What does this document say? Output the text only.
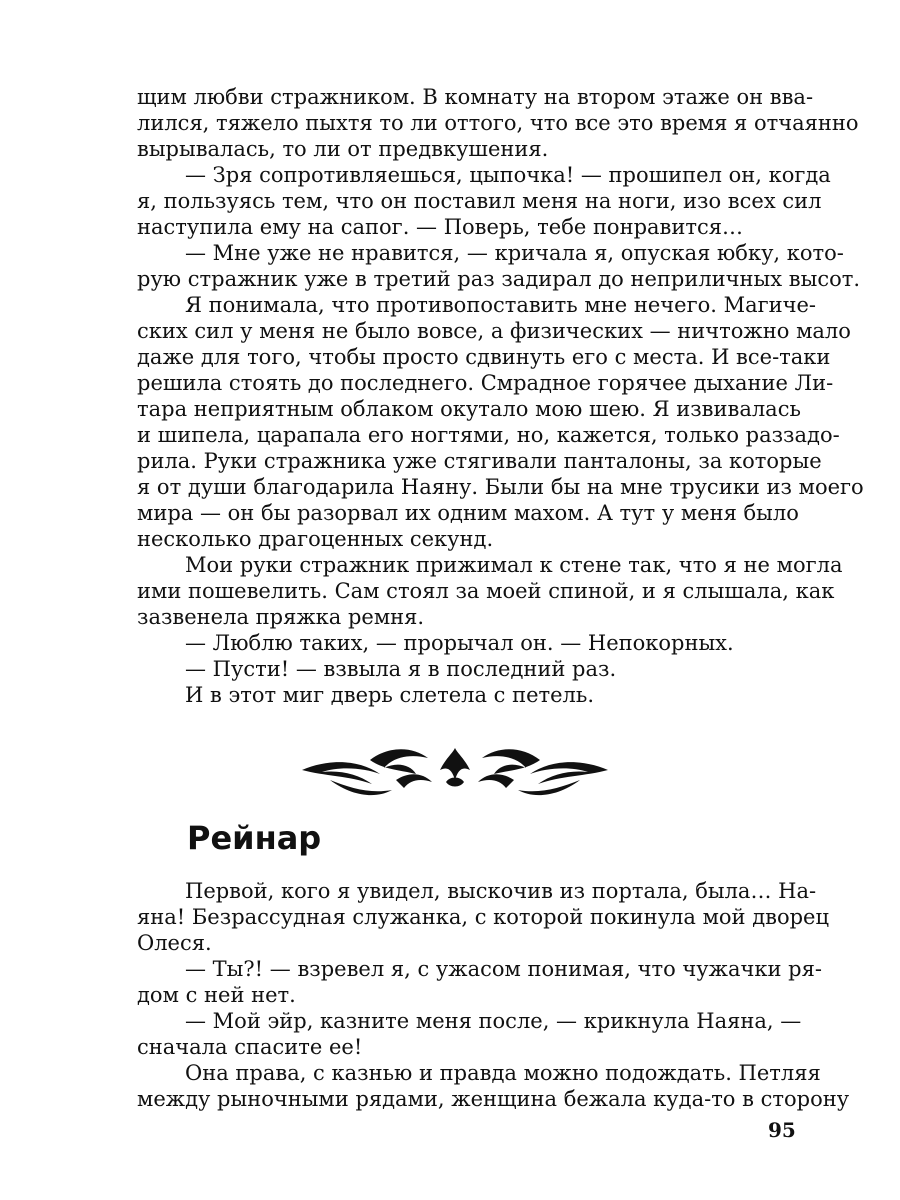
щим любви стражником. В комнату на втором этаже он вва-
лился, тяжело пыхтя то ли оттого, что все это время я отчаянно
вырывалась, то ли от предвкушения.
— Зря сопротивляешься, цыпочка! — прошипел он, когда
я, пользуясь тем, что он поставил меня на ноги, изо всех сил
наступила ему на сапог. — Поверь, тебе понравится…
— Мне уже не нравится, — кричала я, опуская юбку, кото-
рую стражник уже в третий раз задирал до неприличных высот.
Я понимала, что противопоставить мне нечего. Магиче-
ских сил у меня не было вовсе, а физических — ничтожно мало
даже для того, чтобы просто сдвинуть его с места. И все-таки
решила стоять до последнего. Смрадное горячее дыхание Ли-
тара неприятным облаком окутало мою шею. Я извивалась
и шипела, царапала его ногтями, но, кажется, только раззадо-
рила. Руки стражника уже стягивали панталоны, за которые
я от души благодарила Наяну. Были бы на мне трусики из моего
мира — он бы разорвал их одним махом. А тут у меня было
несколько драгоценных секунд.
Мои руки стражник прижимал к стене так, что я не могла
ими пошевелить. Сам стоял за моей спиной, и я слышала, как
зазвенела пряжка ремня.
— Люблю таких, — прорычал он. — Непокорных.
— Пусти! — взвыла я в последний раз.
И в этот миг дверь слетела с петель.
Рейнар
Первой, кого я увидел, выскочив из портала, была… На-
яна! Безрассудная служанка, с которой покинула мой дворец
Олеся.
— Ты?! — взревел я, с ужасом понимая, что чужачки ря-
дом с ней нет.
— Мой эйр, казните меня после, — крикнула Наяна, —
сначала спасите ее!
Она права, с казнью и правда можно подождать. Петляя
между рыночными рядами, женщина бежала куда-то в сторону
95
